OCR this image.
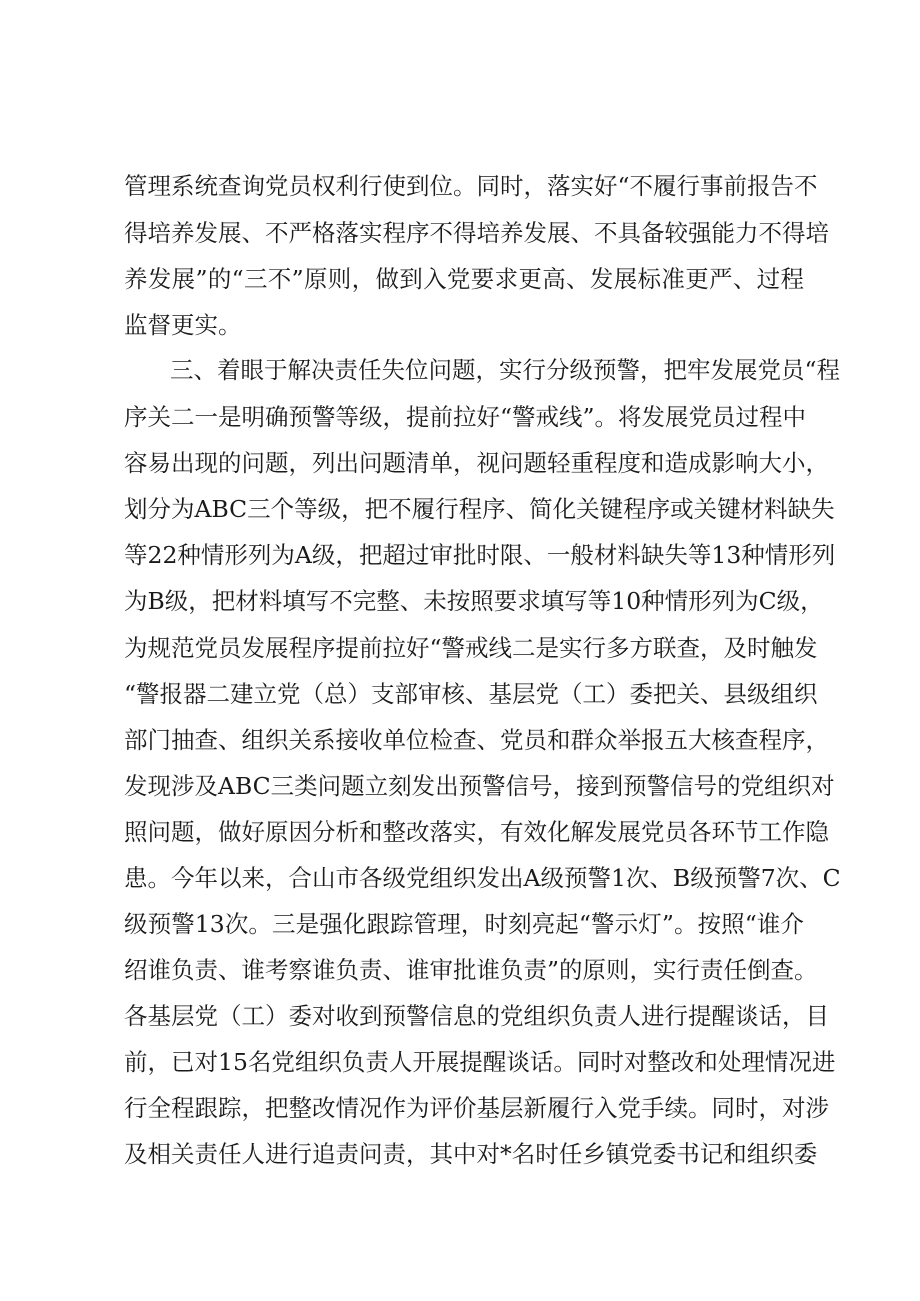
管理系统查询党员权利行使到位。同时，落实好“不履行事前报告不
得培养发展、不严格落实程序不得培养发展、不具备较强能力不得培
养发展”的“三不”原则，做到入党要求更高、发展标准更严、过程
监督更实。
三、着眼于解决责任失位问题，实行分级预警，把牢发展党员“程
序关二一是明确预警等级，提前拉好“警戒线”。将发展党员过程中
容易出现的问题，列出问题清单，视问题轻重程度和造成影响大小，
划分为ABC三个等级，把不履行程序、简化关键程序或关键材料缺失
等22种情形列为A级，把超过审批时限、一般材料缺失等13种情形列
为B级，把材料填写不完整、未按照要求填写等10种情形列为C级，
为规范党员发展程序提前拉好“警戒线二是实行多方联查，及时触发
“警报器二建立党（总）支部审核、基层党（工）委把关、县级组织
部门抽查、组织关系接收单位检查、党员和群众举报五大核查程序，
发现涉及ABC三类问题立刻发出预警信号，接到预警信号的党组织对
照问题，做好原因分析和整改落实，有效化解发展党员各环节工作隐
患。今年以来，合山市各级党组织发出A级预警1次、B级预警7次、C
级预警13次。三是强化跟踪管理，时刻亮起“警示灯”。按照“谁介
绍谁负责、谁考察谁负责、谁审批谁负责”的原则，实行责任倒查。
各基层党（工）委对收到预警信息的党组织负责人进行提醒谈话，目
前，已对15名党组织负责人开展提醒谈话。同时对整改和处理情况进
行全程跟踪，把整改情况作为评价基层新履行入党手续。同时，对涉
及相关责任人进行追责问责，其中对*名时任乡镇党委书记和组织委
